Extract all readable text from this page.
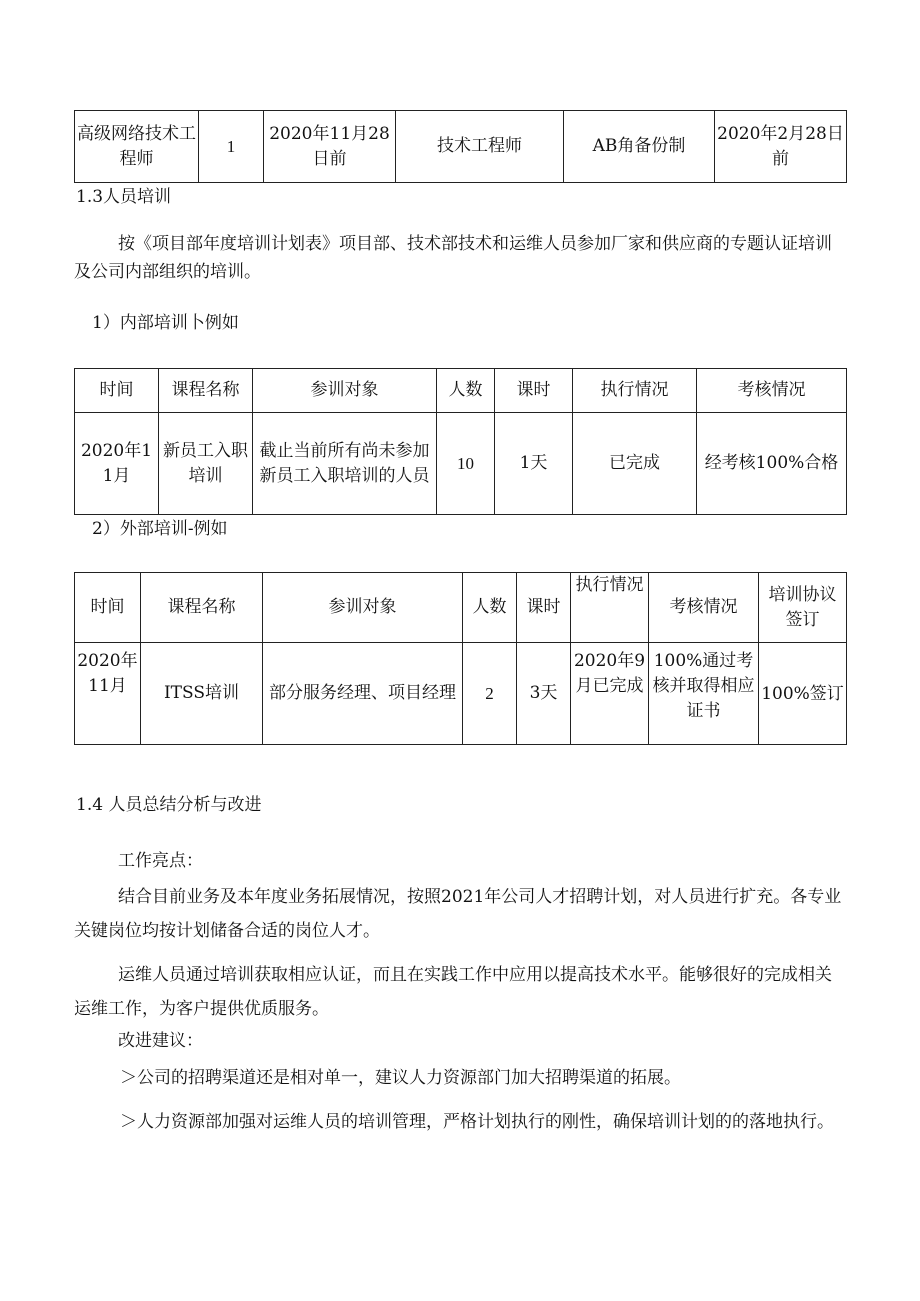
高级网络技术工程师	1	2020年11月28日前	技术工程师	AB角备份制	2020年2月28日前
1.3人员培训
按《项目部年度培训计划表》项目部、技术部技术和运维人员参加厂家和供应商的专题认证培训及公司内部组织的培训。
1）内部培训卜例如
时间	课程名称	参训对象	人数	课时	执行情况	考核情况
2020年11月	新员工入职培训	截止当前所有尚未参加新员工入职培训的人员	10	1天	已完成	经考核100%合格
2）外部培训-例如
时间	课程名称	参训对象	人数	课时	执行情况	考核情况	培训协议签订
2020年11月	ITSS培训	部分服务经理、项目经理	2	3天	2020年9月已完成	100%通过考核并取得相应证书	100%签订
1.4 人员总结分析与改进
工作亮点：
结合目前业务及本年度业务拓展情况，按照2021年公司人才招聘计划，对人员进行扩充。各专业关键岗位均按计划储备合适的岗位人才。
运维人员通过培训获取相应认证，而且在实践工作中应用以提高技术水平。能够很好的完成相关运维工作，为客户提供优质服务。
改进建议：
＞公司的招聘渠道还是相对单一，建议人力资源部门加大招聘渠道的拓展。
＞人力资源部加强对运维人员的培训管理，严格计划执行的刚性，确保培训计划的的落地执行。
